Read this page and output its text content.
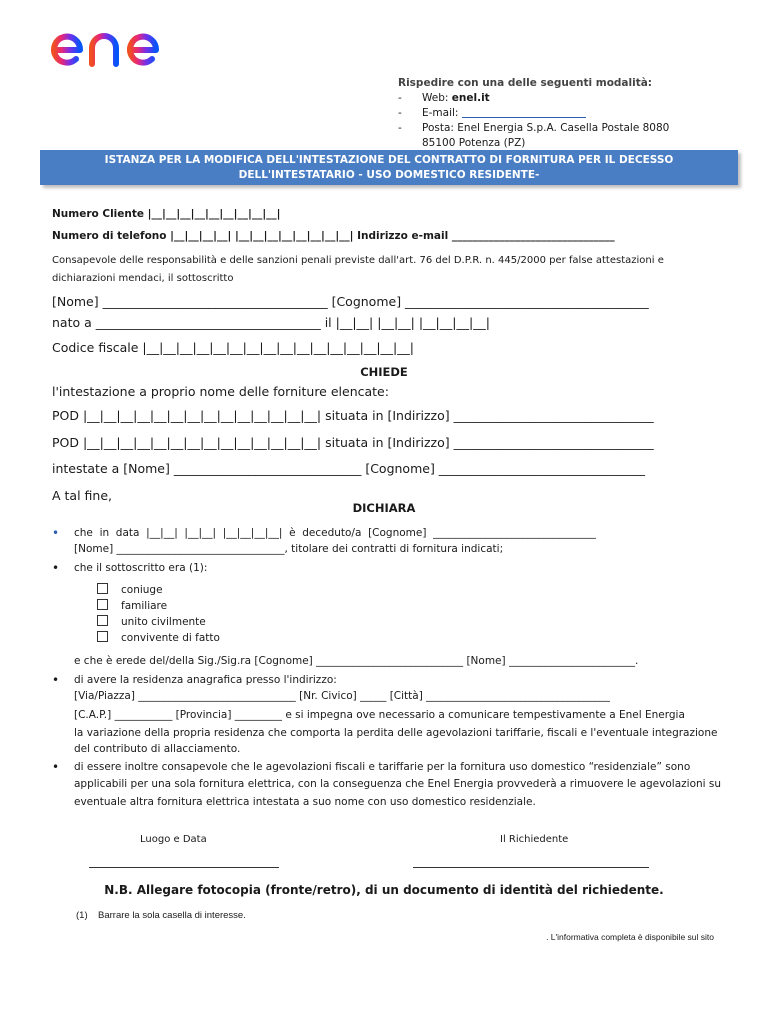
Rispedire con una delle seguenti modalità:
-	Web:
enel.it
-	E-mail:

-	Posta: Enel Energia S.p.A. Casella Postale 8080
85100 Potenza (PZ)
ISTANZA PER LA MODIFICA DELL'INTESTAZIONE DEL CONTRATTO DI FORNITURA PER IL DECESSO
DELL'INTESTATARIO - USO DOMESTICO RESIDENTE-
Numero Cliente |__|__|__|__|__|__|__|__|__|
Numero di telefono |__|__|__|__| |__|__|__|__|__|__|__|__| Indirizzo e-mail _______________________________
Consapevole delle responsabilità e delle sanzioni penali previste dall'art. 76 del D.P.R. n. 445/2000 per false attestazioni e
dichiarazioni mendaci, il sottoscritto
[Nome] ____________________________________ [Cognome] _______________________________________
nato a ____________________________________ il |__|__| |__|__| |__|__|__|__|
Codice fiscale |__|__|__|__|__|__|__|__|__|__|__|__|__|__|__|__|
CHIEDE
l'intestazione a proprio nome delle forniture elencate:
POD |__|__|__|__|__|__|__|__|__|__|__|__|__|__| situata in [Indirizzo] ________________________________
POD |__|__|__|__|__|__|__|__|__|__|__|__|__|__| situata in [Indirizzo] ________________________________
intestate a [Nome] ______________________________ [Cognome] _________________________________
A tal fine,
DICHIARA
• che  in  data  |__|__|  |__|__|  |__|__|__|__|  è  deceduto/a  [Cognome]  _______________________________
[Nome] ________________________________, titolare dei contratti di fornitura indicati;
• che il sottoscritto era (1):
coniuge
familiare
unito civilmente
convivente di fatto
e che è erede del/della Sig./Sig.ra [Cognome] ____________________________ [Nome] ________________________.
• di avere la residenza anagrafica presso l'indirizzo:
[Via/Piazza] ______________________________ [Nr. Civico] _____ [Città] ___________________________________
[C.A.P.] ___________ [Provincia] _________ e si impegna ove necessario a comunicare tempestivamente a Enel Energia
la variazione della propria residenza che comporta la perdita delle agevolazioni tariffarie, fiscali e l'eventuale integrazione
del contributo di allacciamento.
• di essere inoltre consapevole che le agevolazioni fiscali e tariffarie per la fornitura uso domestico “residenziale” sono
applicabili per una sola fornitura elettrica, con la conseguenza che Enel Energia provvederà a rimuovere le agevolazioni su
eventuale altra fornitura elettrica intestata a suo nome con uso domestico residenziale.
Luogo e Data	Il Richiedente
N.B. Allegare fotocopia (fronte/retro), di un documento di identità del richiedente.
(1) Barrare la sola casella di interesse.
. L'informativa completa è disponibile sul sito
